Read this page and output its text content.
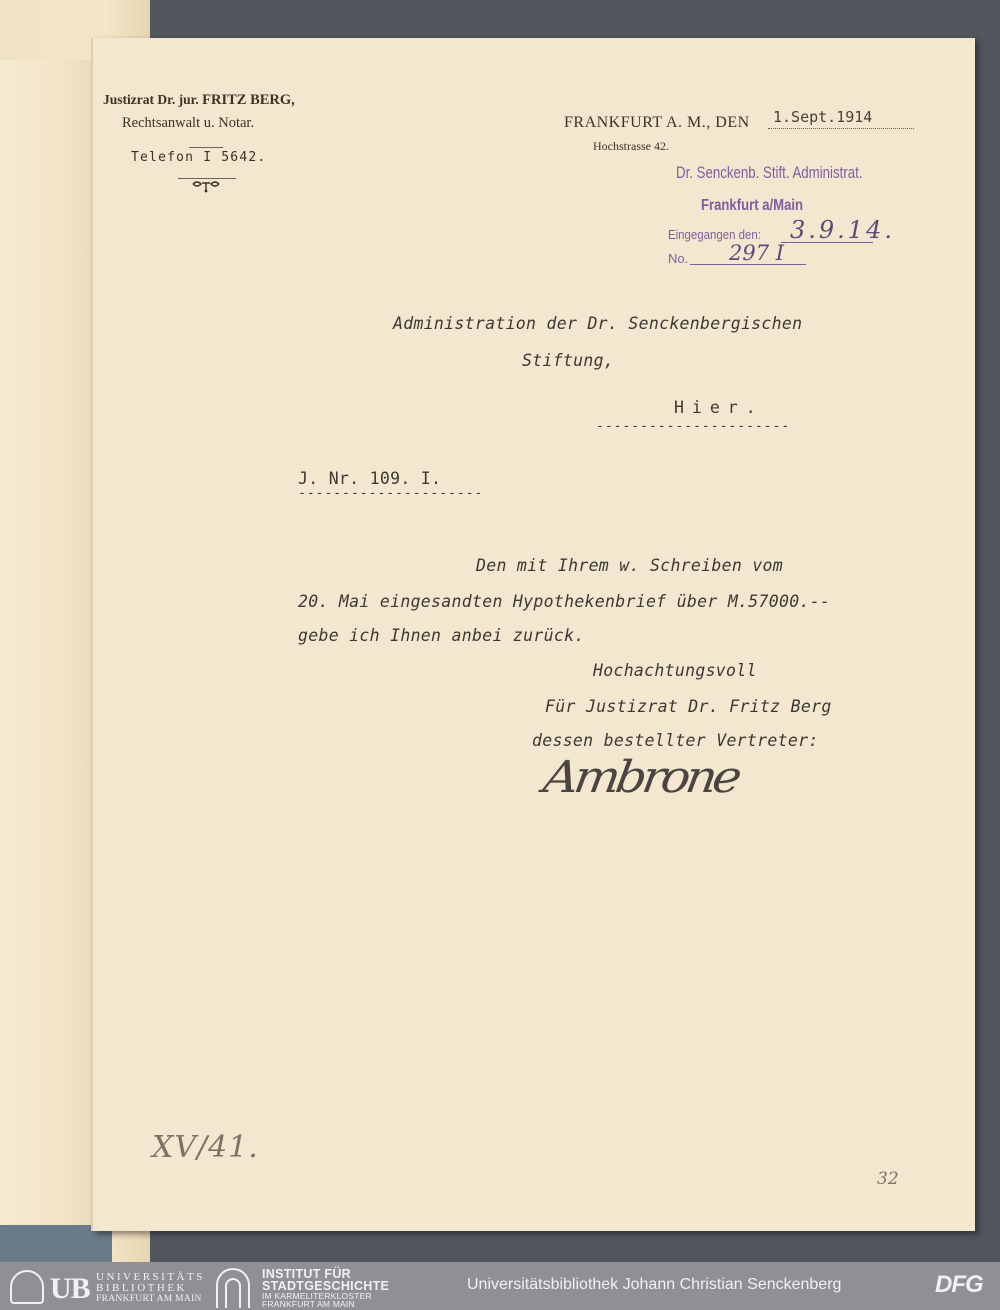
Justizrat Dr. jur. FRITZ BERG,
Rechtsanwalt u. Notar.
Telefon I 5642.
FRANKFURT A. M., DEN 1.Sept.1914
Hochstrasse 42.
Dr. Senckenb. Stift. Administrat.
Frankfurt a/Main
Eingegangen den: 3.9.14.
No. 297 I
Administration der Dr. Senckenbergischen
Stiftung,
Hier.
----------------------
J. Nr. 109. I.
---------------------
Den mit Ihrem w. Schreiben vom
20. Mai eingesandten Hypothekenbrief über M.57000.--
gebe ich Ihnen anbei zurück.
Hochachtungsvoll
Für Justizrat Dr. Fritz Berg
dessen bestellter Vertreter:
Ambrone
XV/41.
32
UB UNIVERSITÄTS
BIBLIOTHEK
FRANKFURT AM MAIN
INSTITUT FÜR
STADTGESCHICHTE
IM KARMELITERKLOSTER
FRANKFURT AM MAIN
Universitätsbibliothek Johann Christian Senckenberg	DFG
